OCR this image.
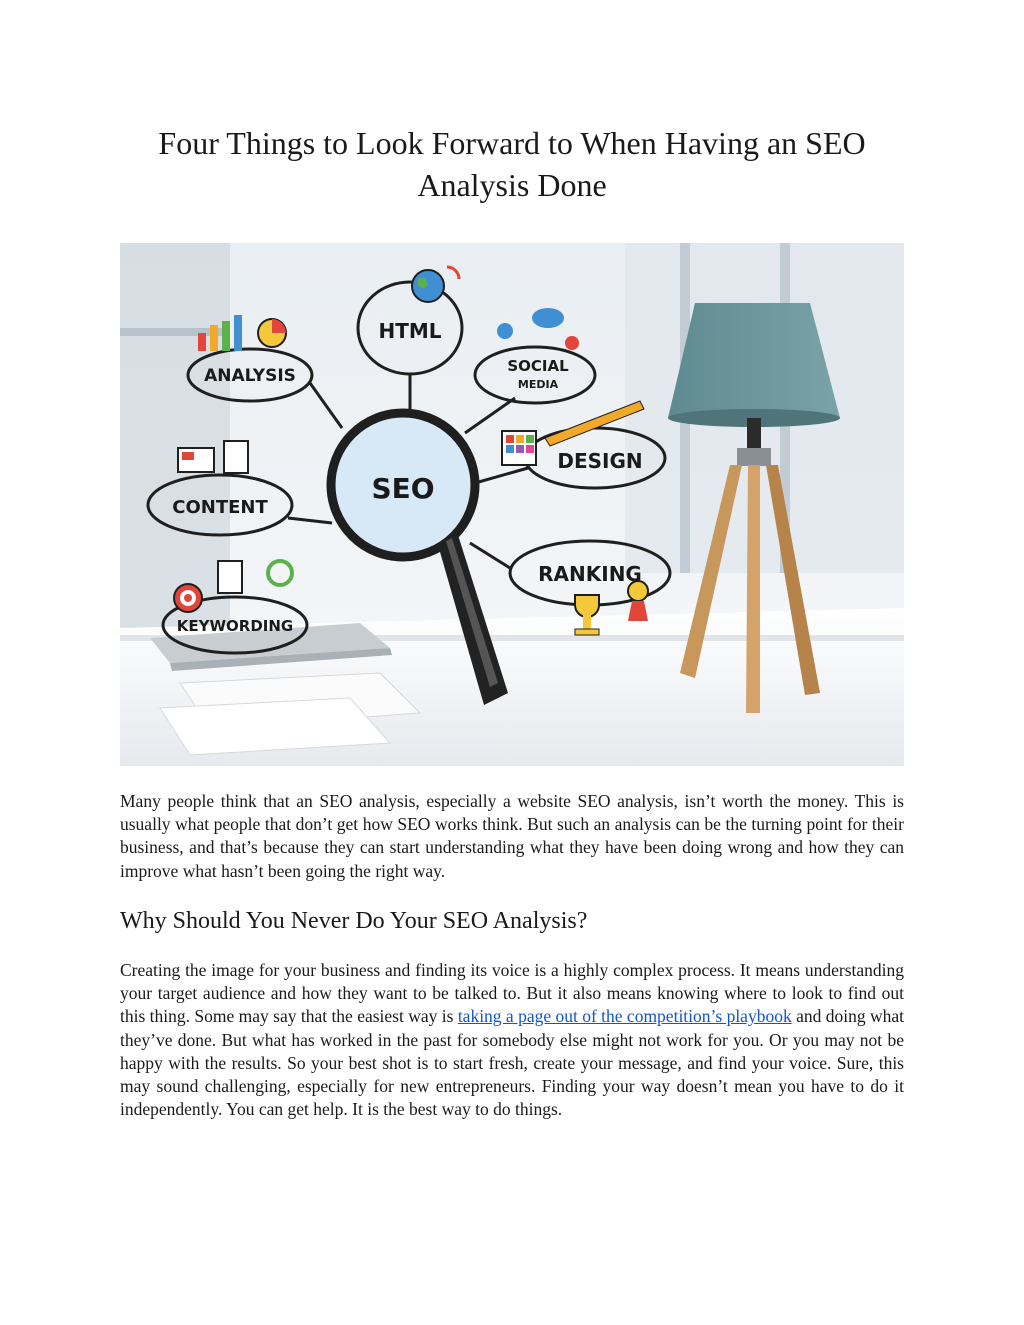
Four Things to Look Forward to When Having an SEO Analysis Done
SEO
ANALYSIS
HTML
SOCIAL
MEDIA
DESIGN
CONTENT
RANKING
KEYWORDING

Many people think that an SEO analysis, especially a website SEO analysis, isn’t worth the money. This is usually what people that don’t get how SEO works think. But such an analysis can be the turning point for their business, and that’s because they can start understanding what they have been doing wrong and how they can improve what hasn’t been going the right way.

Why Should You Never Do Your SEO Analysis?

Creating the image for your business and finding its voice is a highly complex process. It means understanding your target audience and how they want to be talked to. But it also means knowing where to look to find out this thing. Some may say that the easiest way is taking a page out of the competition’s playbook and doing what they’ve done. But what has worked in the past for somebody else might not work for you. Or you may not be happy with the results. So your best shot is to start fresh, create your message, and find your voice. Sure, this may sound challenging, especially for new entrepreneurs. Finding your way doesn’t mean you have to do it independently. You can get help. It is the best way to do things.
